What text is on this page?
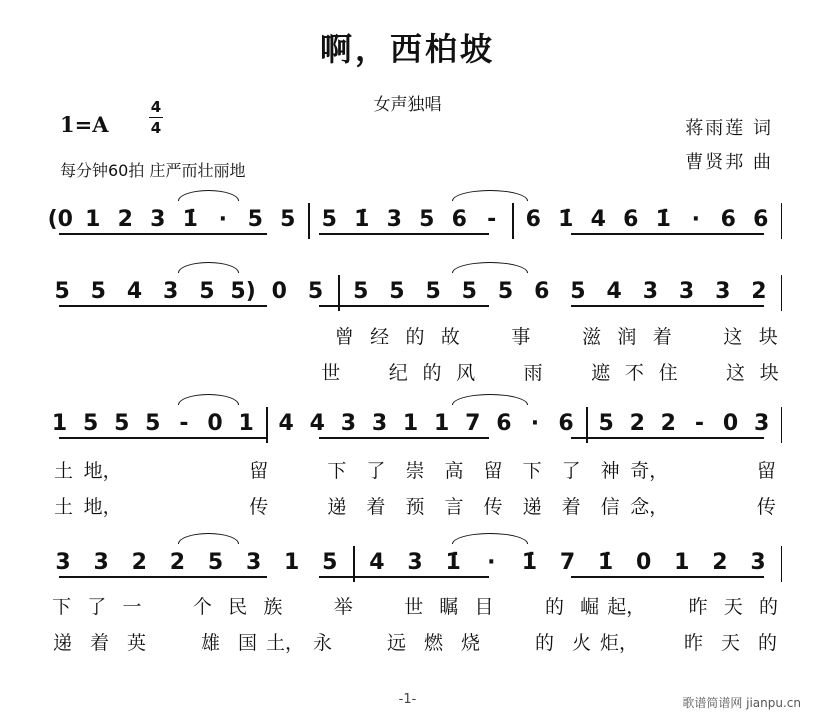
啊，西柏坡
女声独唱
1=A
4
4
每分钟60拍 庄严而壮丽地
蒋雨莲 词
曹贤邦 曲
(0 1 2 3 1̇ · 5 5	5 1̇ 3 5 6 -	6 1̇ 4 6 1̇ · 6 6
5 5 4 3 5 5) 0 5	5 5 5 5 5 6 5 4 3 3 3 2
1 5 5 5 - 0 1	4 4 3 3 1 1 7 6 · 6	5 2 2 - 0 3
3	3	2	2	5	3	1	5	4	3	1̇	·	1̇	7	1̇	0	1	2	3
曾 经 的 故	事	滋 润 着	这 块
世	纪 的 风	雨	遮 不 住	这 块
土 地，	留	下	了	崇	高	留	下	了	神 奇，	留
土 地，	传	递	着	预	言	传	递	着	信 念，	传
下 了 一	个 民 族	举	世 瞩 目	的 崛 起，	昨 天 的
递 着 英	雄 国 土， 永	远 燃 烧	的 火 炬，	昨 天 的
-1-	歌谱简谱网 jianpu.cn
